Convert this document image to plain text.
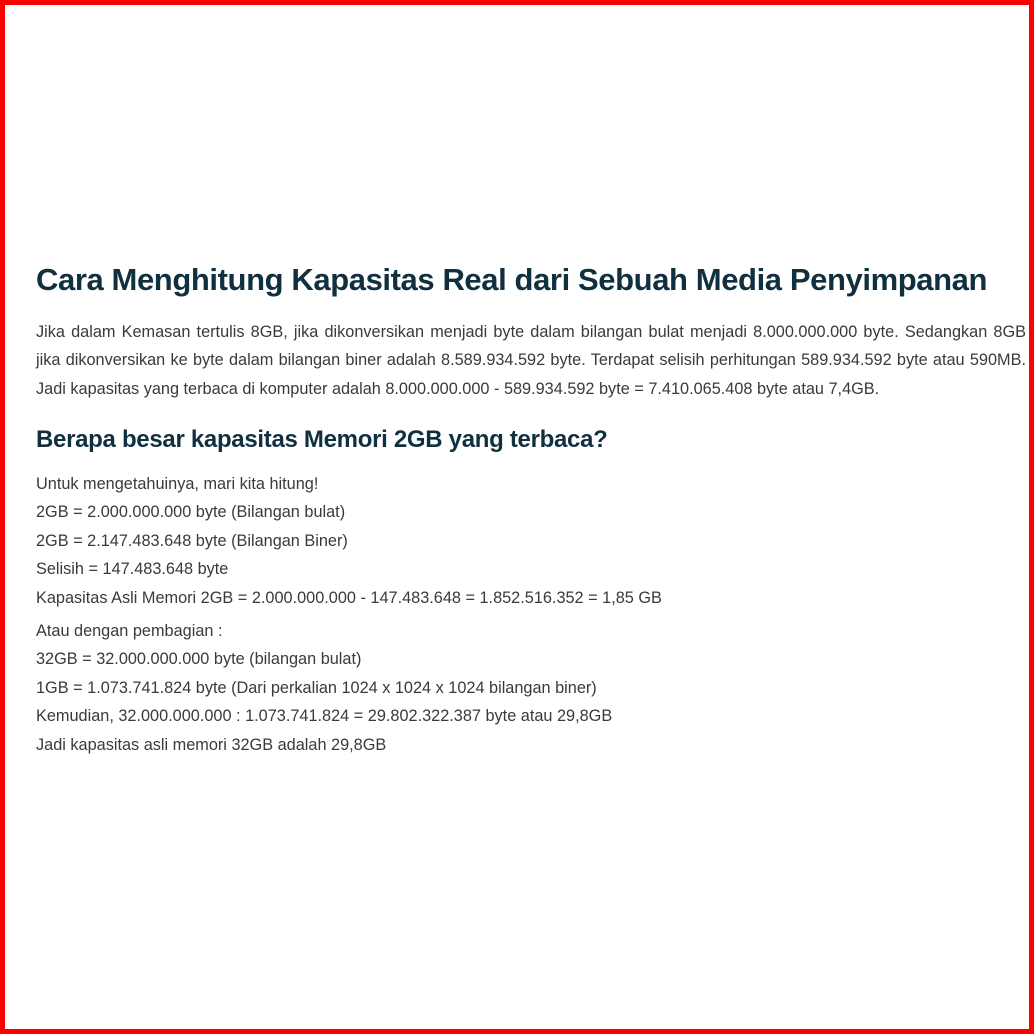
Cara Menghitung Kapasitas Real dari Sebuah Media Penyimpanan

Jika dalam Kemasan tertulis 8GB, jika dikonversikan menjadi byte dalam bilangan bulat menjadi 8.000.000.000 byte. Sedangkan 8GB jika dikonversikan ke byte dalam bilangan biner adalah 8.589.934.592 byte. Terdapat selisih perhitungan 589.934.592 byte atau 590MB. Jadi kapasitas yang terbaca di komputer adalah 8.000.000.000 - 589.934.592 byte = 7.410.065.408 byte atau 7,4GB.

Berapa besar kapasitas Memori 2GB yang terbaca?

Untuk mengetahuinya, mari kita hitung!
2GB = 2.000.000.000 byte (Bilangan bulat)
2GB = 2.147.483.648 byte (Bilangan Biner)
Selisih = 147.483.648 byte
Kapasitas Asli Memori 2GB = 2.000.000.000 - 147.483.648 = 1.852.516.352 = 1,85 GB

Atau dengan pembagian :
32GB = 32.000.000.000 byte (bilangan bulat)
1GB = 1.073.741.824 byte (Dari perkalian 1024 x 1024 x 1024 bilangan biner)
Kemudian, 32.000.000.000 : 1.073.741.824 = 29.802.322.387 byte atau 29,8GB
Jadi kapasitas asli memori 32GB adalah 29,8GB
